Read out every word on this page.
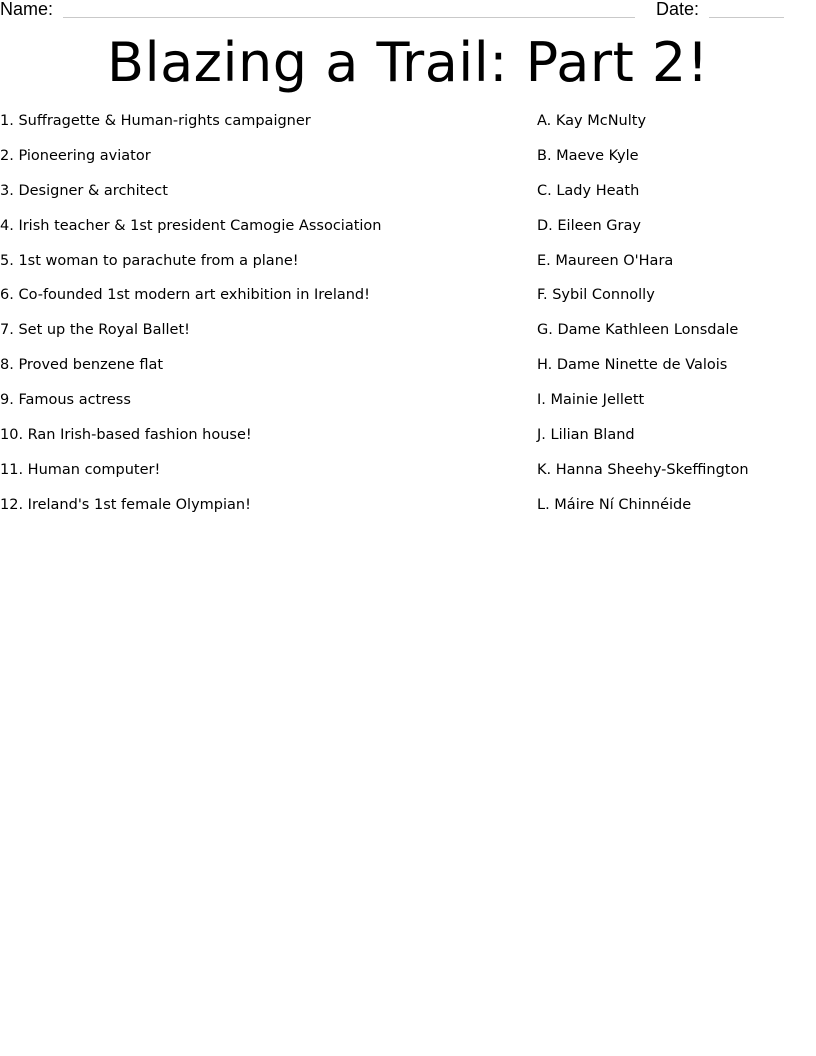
Name:	Date:
Blazing a Trail: Part 2!
1. Suffragette & Human-rights campaigner
2. Pioneering aviator
3. Designer & architect
4. Irish teacher & 1st president Camogie Association
5. 1st woman to parachute from a plane!
6. Co-founded 1st modern art exhibition in Ireland!
7. Set up the Royal Ballet!
8. Proved benzene flat
9. Famous actress
10. Ran Irish-based fashion house!
11. Human computer!
12. Ireland's 1st female Olympian!
A. Kay McNulty
B. Maeve Kyle
C. Lady Heath
D. Eileen Gray
E. Maureen O'Hara
F. Sybil Connolly
G. Dame Kathleen Lonsdale
H. Dame Ninette de Valois
I. Mainie Jellett
J. Lilian Bland
K. Hanna Sheehy-Skeffington
L. Máire Ní Chinnéide
